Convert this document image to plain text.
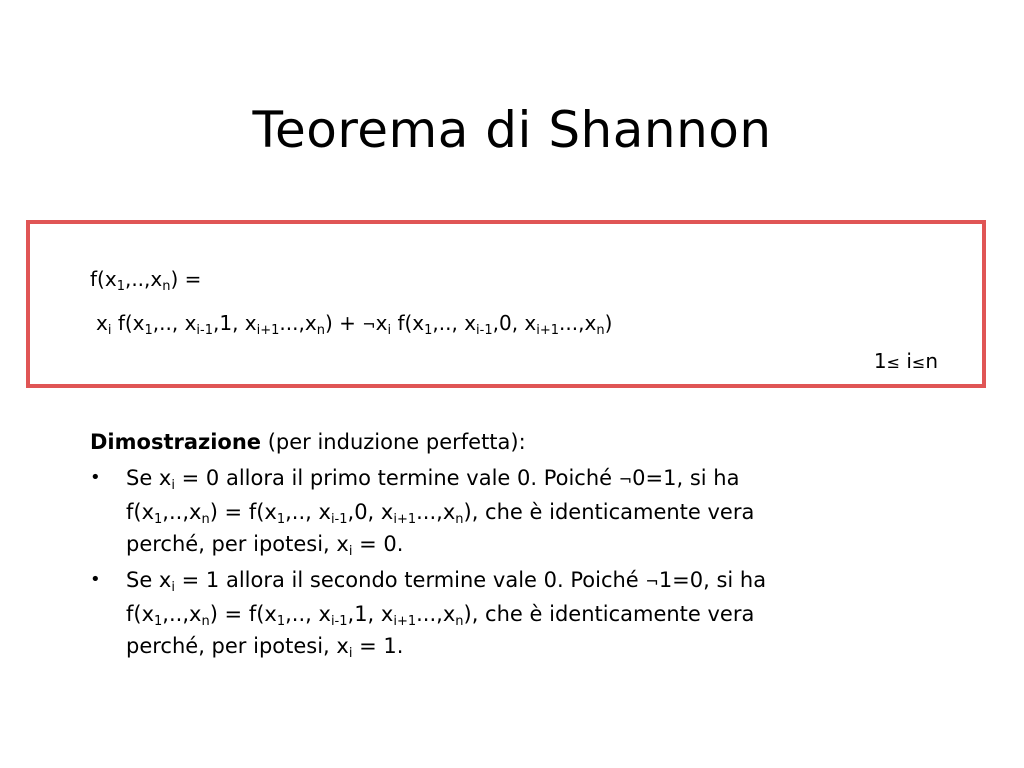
Teorema di Shannon
$f(x_1,..,x_n)$ =
$x_i$ $f(x_1$,.., $x_{i-1},1$, $x_{i+1}...,x_n$) + $\neg x_i$ $f(x_1$,.., $x_{i-1},0$, $x_{i+1}...,x_n$)
1≤ i≤n
Dimostrazione (per induzione perfetta):
• Se $x_i = 0$ allora il primo termine vale 0. Poiché ¬0=1, si ha
$f(x_1,..,x_n) = f(x_1$,.., $x_{i-1},0$, $x_{i+1}...,x_n$), che è identicamente vera
perché, per ipotesi, $x_i = 0$.
• Se $x_i = 1$ allora il secondo termine vale 0. Poiché ¬1=0, si ha
$f(x_1,..,x_n) = f(x_1$,.., $x_{i-1},1$, $x_{i+1}...,x_n$), che è identicamente vera
perché, per ipotesi, $x_i = 1$.
